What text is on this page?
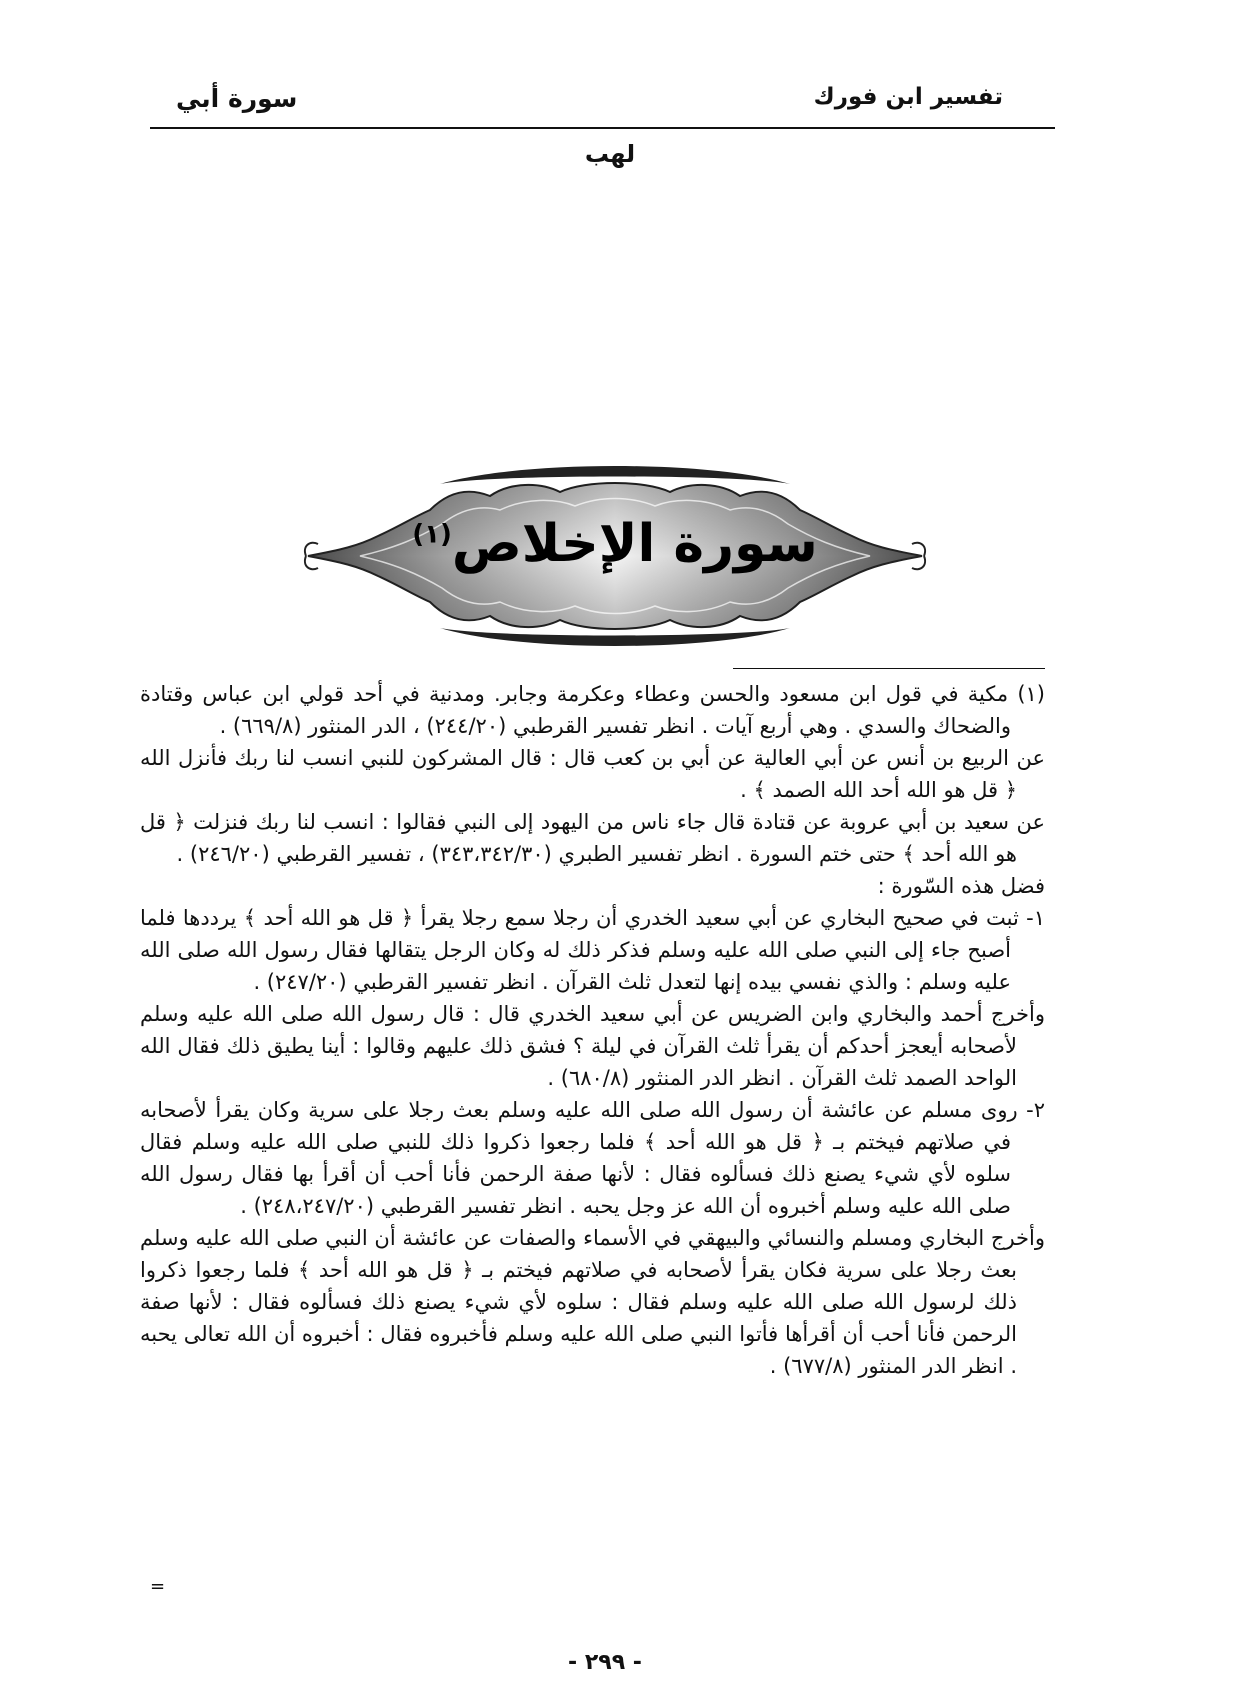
تفسير ابن فورك
سورة أبي
لهب
سورة الإخلاص$^{(١)}$

(١) مكية في قول ابن مسعود والحسن وعطاء وعكرمة وجابر. ومدنية في أحد قولي ابن عباس وقتادة والضحاك والسدي . وهي أربع آيات . انظر تفسير القرطبي (٢٤٤/٢٠) ، الدر المنثور (٦٦٩/٨) .

عن الربيع بن أنس عن أبي العالية عن أبي بن كعب قال : قال المشركون للنبي انسب لنا ربك فأنزل الله ﴿ قل هو الله أحد الله الصمد ﴾ .

عن سعيد بن أبي عروبة عن قتادة قال جاء ناس من اليهود إلى النبي فقالوا : انسب لنا ربك فنزلت ﴿ قل هو الله أحد ﴾ حتى ختم السورة . انظر تفسير الطبري (٣٤٣،٣٤٢/٣٠) ، تفسير القرطبي (٢٤٦/٢٠) .

فضل هذه السّورة :

١- ثبت في صحيح البخاري عن أبي سعيد الخدري أن رجلا سمع رجلا يقرأ ﴿ قل هو الله أحد ﴾ يرددها فلما أصبح جاء إلى النبي صلى الله عليه وسلم فذكر ذلك له وكان الرجل يتقالها فقال رسول الله صلى الله عليه وسلم : والذي نفسي بيده إنها لتعدل ثلث القرآن . انظر تفسير القرطبي (٢٤٧/٢٠) .

وأخرج أحمد والبخاري وابن الضريس عن أبي سعيد الخدري قال : قال رسول الله صلى الله عليه وسلم لأصحابه أيعجز أحدكم أن يقرأ ثلث القرآن في ليلة ؟ فشق ذلك عليهم وقالوا : أينا يطيق ذلك فقال الله الواحد الصمد ثلث القرآن . انظر الدر المنثور (٦٨٠/٨) .

٢- روى مسلم عن عائشة أن رسول الله صلى الله عليه وسلم بعث رجلا على سرية وكان يقرأ لأصحابه في صلاتهم فيختم بـ ﴿ قل هو الله أحد ﴾ فلما رجعوا ذكروا ذلك للنبي صلى الله عليه وسلم فقال سلوه لأي شيء يصنع ذلك فسألوه فقال : لأنها صفة الرحمن فأنا أحب أن أقرأ بها فقال رسول الله صلى الله عليه وسلم أخبروه أن الله عز وجل يحبه . انظر تفسير القرطبي (٢٤٨،٢٤٧/٢٠) .

وأخرج البخاري ومسلم والنسائي والبيهقي في الأسماء والصفات عن عائشة أن النبي صلى الله عليه وسلم بعث رجلا على سرية فكان يقرأ لأصحابه في صلاتهم فيختم بـ ﴿ قل هو الله أحد ﴾ فلما رجعوا ذكروا ذلك لرسول الله صلى الله عليه وسلم فقال : سلوه لأي شيء يصنع ذلك فسألوه فقال : لأنها صفة الرحمن فأنا أحب أن أقرأها فأتوا النبي صلى الله عليه وسلم فأخبروه فقال : أخبروه أن الله تعالى يحبه . انظر الدر المنثور (٦٧٧/٨) .

=
- ٢٩٩ -
